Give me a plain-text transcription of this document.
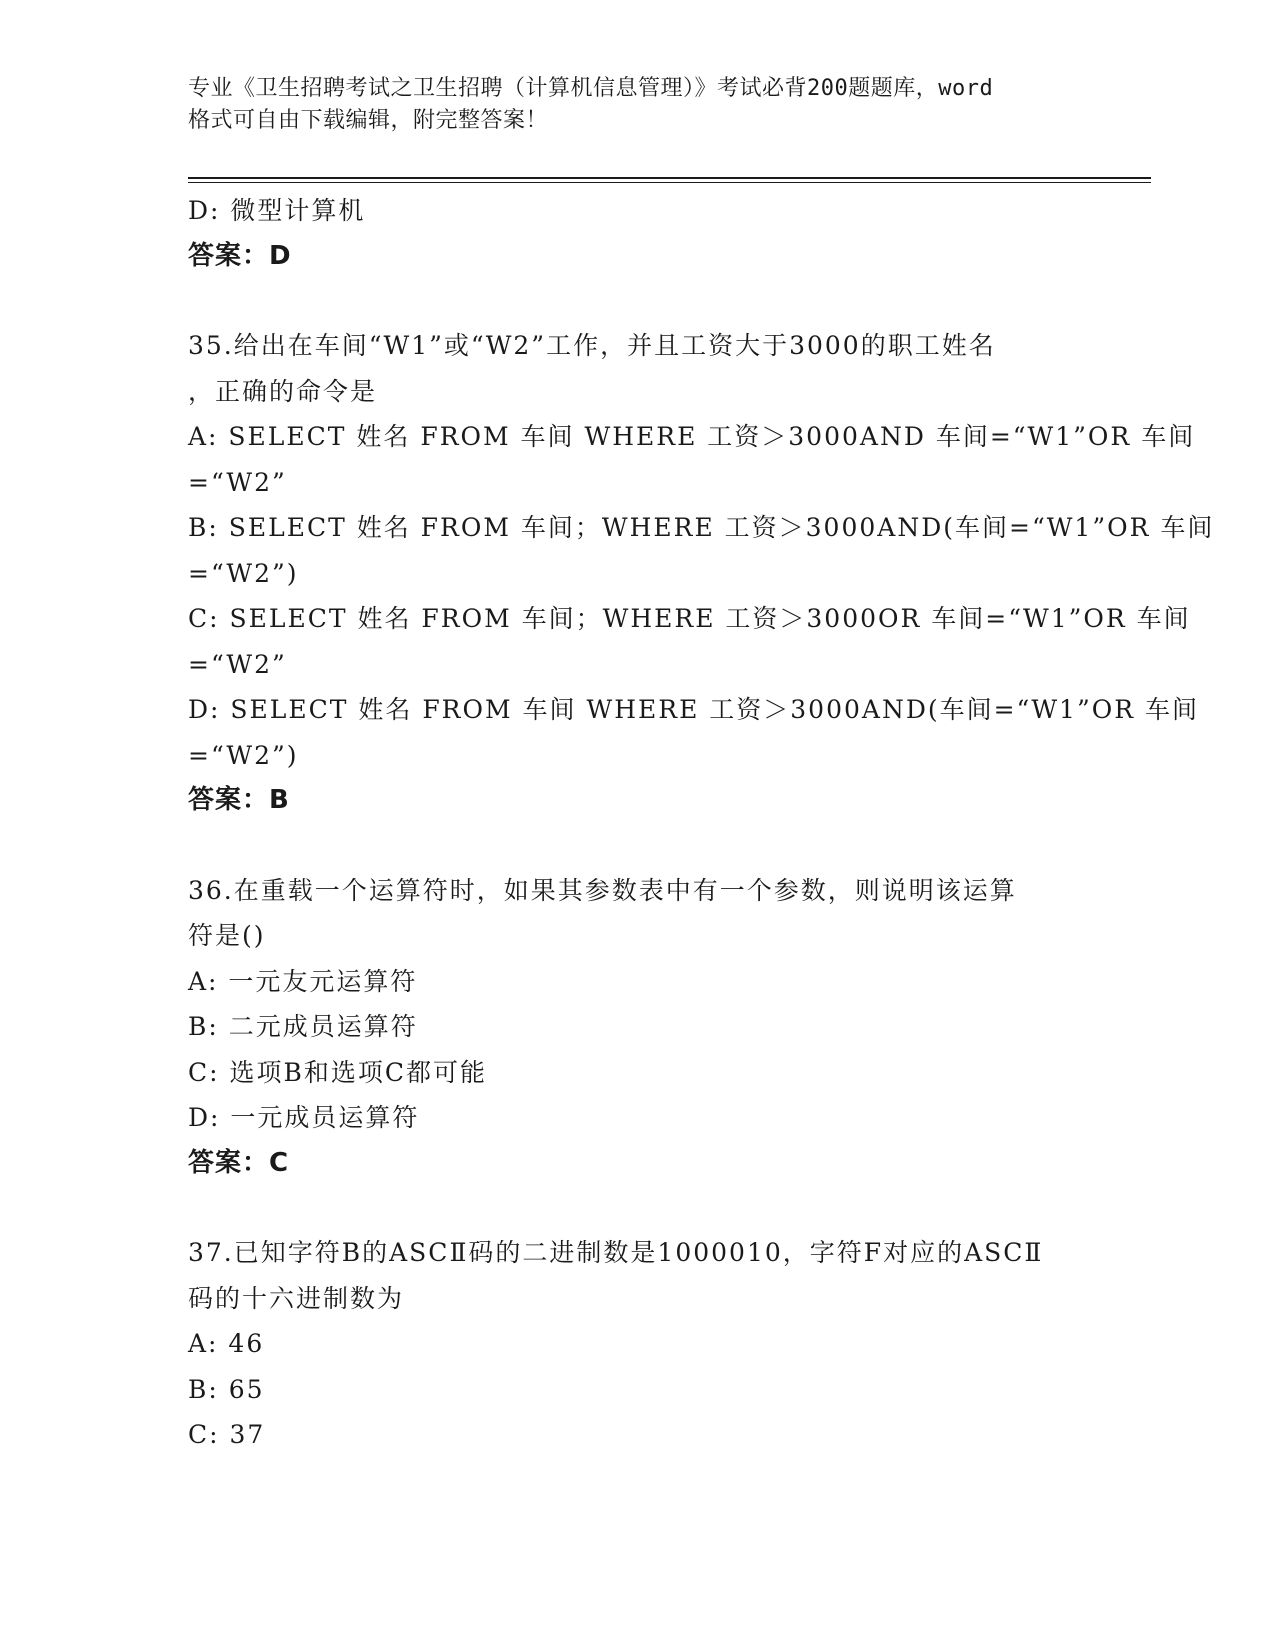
专业《卫生招聘考试之卫生招聘（计算机信息管理）》考试必背200题题库，word
格式可自由下载编辑，附完整答案！
D: 微型计算机
答案：D
35.给出在车间“W1”或“W2”工作，并且工资大于3000的职工姓名
，正确的命令是
A: SELECT 姓名 FROM 车间 WHERE 工资＞3000AND 车间=“W1”OR 车间
=“W2”
B: SELECT 姓名 FROM 车间；WHERE 工资＞3000AND(车间=“W1”OR 车间
=“W2”)
C: SELECT 姓名 FROM 车间；WHERE 工资＞3000OR 车间=“W1”OR 车间
=“W2”
D: SELECT 姓名 FROM 车间 WHERE 工资＞3000AND(车间=“W1”OR 车间
=“W2”)
答案：B
36.在重载一个运算符时，如果其参数表中有一个参数，则说明该运算
符是()
A: 一元友元运算符
B: 二元成员运算符
C: 选项B和选项C都可能
D: 一元成员运算符
答案：C
37.已知字符B的ASCⅡ码的二进制数是1000010，字符F对应的ASCⅡ
码的十六进制数为
A: 46
B: 65
C: 37
